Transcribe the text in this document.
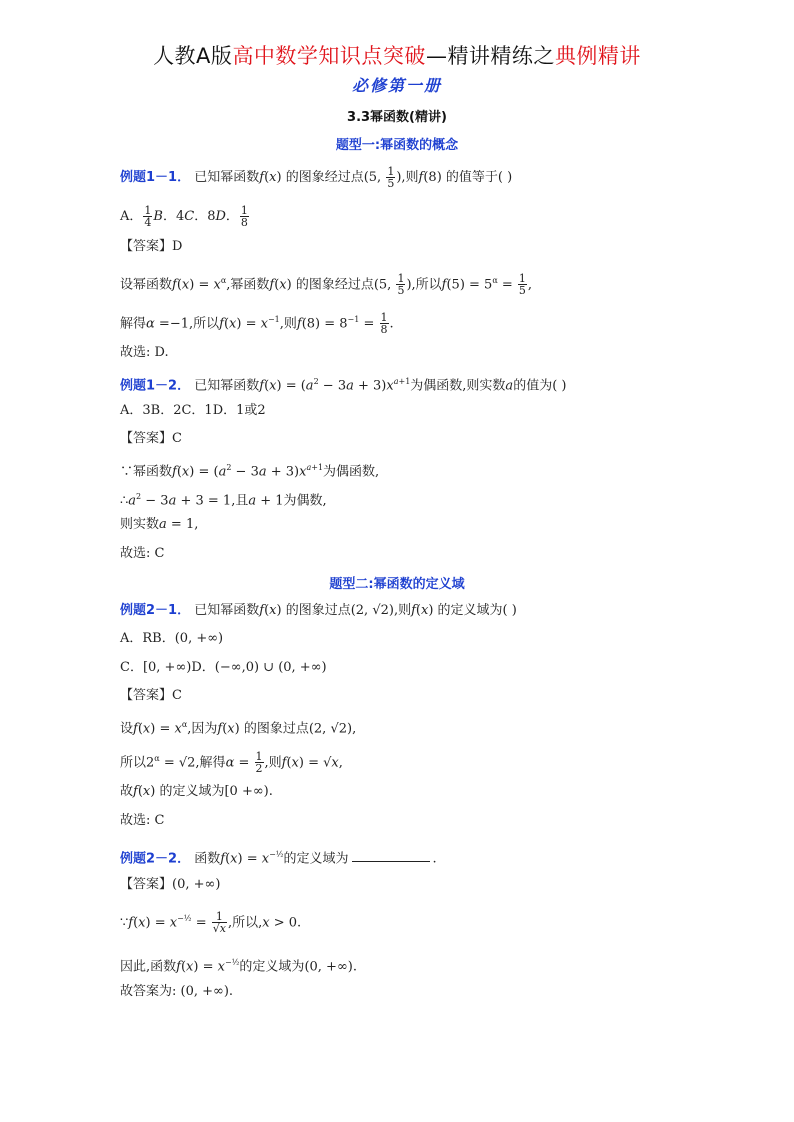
人教A版高中数学知识点突破—精讲精练之典例精讲
必修第一册
3.3幂函数(精讲)
题型一:幂函数的概念
例题1－1． 已知幂函数f(x) 的图象经过点(5, $\frac{1}{5}$ ),则f(8) 的值等于( )
A． $\frac{1}{4}$ B．4C．8D． $\frac{1}{8}$
【答案】D
设幂函数$f(x) = x^\alpha$,幂函数f(x) 的图象经过点(5, $\frac{1}{5}$ ),所以$f(5) = 5^\alpha = \frac{1}{5}$ ,
解得α =−1,所以$f(x) = x^{-1}$,则$f(8) = 8^{-1} = \frac{1}{8}$ .
故选: D.
例题1－2． 已知幂函数$f(x) = (a^2 - 3a + 3)x^{a+1}$为偶函数,则实数a的值为( )
A．3B．2C．1D．1或2
【答案】C
∵幂函数$f(x) = (a^2 - 3a + 3)x^{a+1}$为偶函数,
$\therefore a^2 - 3a + 3 = 1$,且a + 1为偶数,
则实数a = 1,
故选: C
题型二:幂函数的定义域
例题2－1． 已知幂函数f(x) 的图象过点(2, √2),则f(x) 的定义域为( )
A．RB．(0, +∞)
C．[0, +∞)D．(−∞,0) ∪ (0, +∞)
【答案】C
设$f(x) = x^\alpha$,因为f(x) 的图象过点(2, √2),
所以$2^\alpha = √2$,解得$\alpha = \frac{1}{2}$ ,则f(x) = √x,
故f(x) 的定义域为[0 +∞).
故选: C
例题2－2． 函数$f(x) = x^{-\frac{1}{2}}$的定义域为	.
【答案】(0, +∞)
∵f(x) = $x^{-\frac{1}{2}} = \frac{1}{√x}$ ,所以,x > 0.
因此,函数$f(x) = x^{-\frac{1}{2}}$的定义域为(0, +∞).
故答案为: (0, +∞).
